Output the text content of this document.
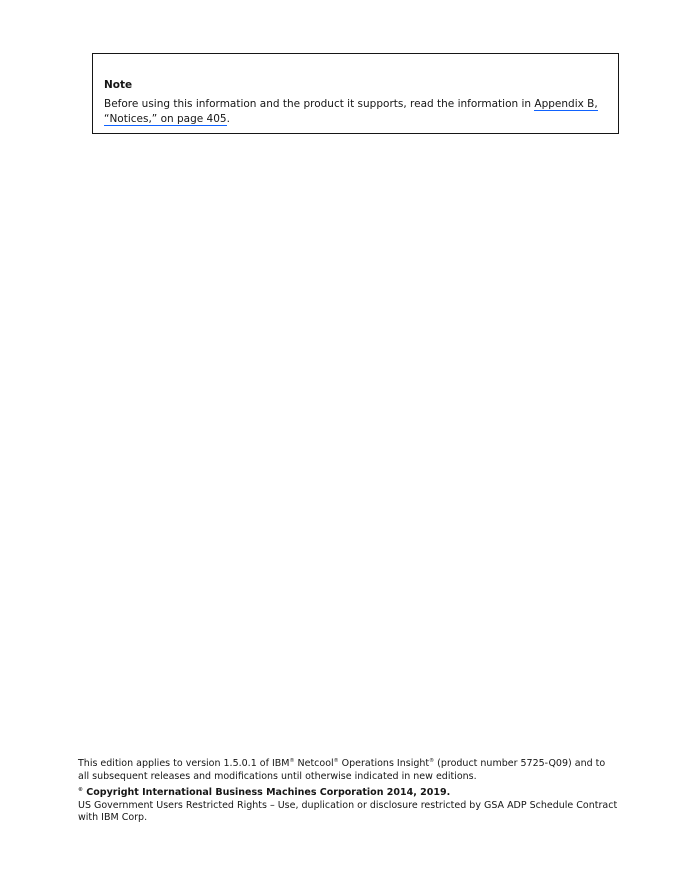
Note

Before using this information and the product it supports, read the information in Appendix B, “Notices,” on page 405.

This edition applies to version 1.5.0.1 of IBM® Netcool® Operations Insight® (product number 5725-Q09) and to all subsequent releases and modifications until otherwise indicated in new editions.

© Copyright International Business Machines Corporation 2014, 2019.

US Government Users Restricted Rights – Use, duplication or disclosure restricted by GSA ADP Schedule Contract with IBM Corp.
